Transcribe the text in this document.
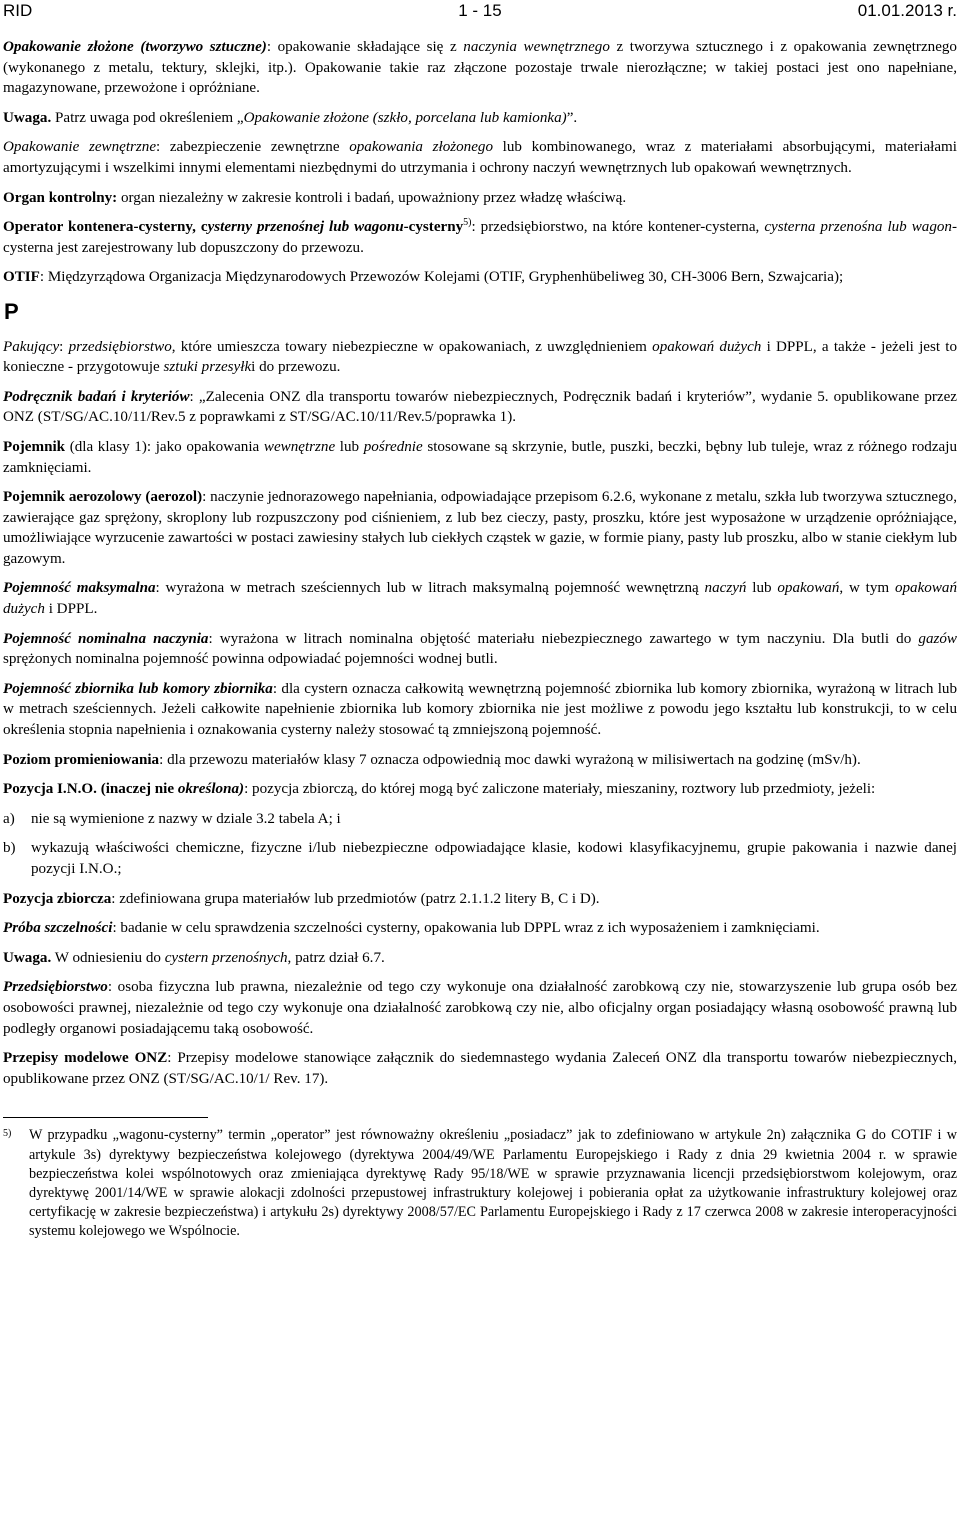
RID	1 - 15	01.01.2013 r.
Opakowanie złożone (tworzywo sztuczne): opakowanie składające się z naczynia wewnętrznego z tworzywa sztucznego i z opakowania zewnętrznego (wykonanego z metalu, tektury, sklejki, itp.). Opakowanie takie raz złączone pozostaje trwale nierozłączne; w takiej postaci jest ono napełniane, magazynowane, przewożone i opróżniane.
Uwaga. Patrz uwaga pod określeniem „Opakowanie złożone (szkło, porcelana lub kamionka)”.
Opakowanie zewnętrzne: zabezpieczenie zewnętrzne opakowania złożonego lub kombinowanego, wraz z materiałami absorbującymi, materiałami amortyzującymi i wszelkimi innymi elementami niezbędnymi do utrzymania i ochrony naczyń wewnętrznych lub opakowań wewnętrznych.
Organ kontrolny: organ niezależny w zakresie kontroli i badań, upoważniony przez władzę właściwą.
Operator kontenera-cysterny, cysterny przenośnej lub wagonu-cysterny$^{5)}$: przedsiębiorstwo, na które kontener-cysterna, cysterna przenośna lub wagon-cysterna jest zarejestrowany lub dopuszczony do przewozu.
OTIF: Międzyrządowa Organizacja Międzynarodowych Przewozów Kolejami (OTIF, Gryphenhübeliweg 30, CH-3006 Bern, Szwajcaria);
P
Pakujący: przedsiębiorstwo, które umieszcza towary niebezpieczne w opakowaniach, z uwzględnieniem opakowań dużych i DPPL, a także - jeżeli jest to konieczne - przygotowuje sztuki przesyłki do przewozu.
Podręcznik badań i kryteriów: „Zalecenia ONZ dla transportu towarów niebezpiecznych, Podręcznik badań i kryteriów”, wydanie 5. opublikowane przez ONZ (ST/SG/AC.10/11/Rev.5 z poprawkami z ST/SG/AC.10/11/Rev.5/poprawka 1).
Pojemnik (dla klasy 1): jako opakowania wewnętrzne lub pośrednie stosowane są skrzynie, butle, puszki, beczki, bębny lub tuleje, wraz z różnego rodzaju zamknięciami.
Pojemnik aerozolowy (aerozol): naczynie jednorazowego napełniania, odpowiadające przepisom 6.2.6, wykonane z metalu, szkła lub tworzywa sztucznego, zawierające gaz sprężony, skroplony lub rozpuszczony pod ciśnieniem, z lub bez cieczy, pasty, proszku, które jest wyposażone w urządzenie opróżniające, umożliwiające wyrzucenie zawartości w postaci zawiesiny stałych lub ciekłych cząstek w gazie, w formie piany, pasty lub proszku, albo w stanie ciekłym lub gazowym.
Pojemność maksymalna: wyrażona w metrach sześciennych lub w litrach maksymalną pojemność wewnętrzną naczyń lub opakowań, w tym opakowań dużych i DPPL.
Pojemność nominalna naczynia: wyrażona w litrach nominalna objętość materiału niebezpiecznego zawartego w tym naczyniu. Dla butli do gazów sprężonych nominalna pojemność powinna odpowiadać pojemności wodnej butli.
Pojemność zbiornika lub komory zbiornika: dla cystern oznacza całkowitą wewnętrzną pojemność zbiornika lub komory zbiornika, wyrażoną w litrach lub w metrach sześciennych. Jeżeli całkowite napełnienie zbiornika lub komory zbiornika nie jest możliwe z powodu jego kształtu lub konstrukcji, to w celu określenia stopnia napełnienia i oznakowania cysterny należy stosować tą zmniejszoną pojemność.
Poziom promieniowania: dla przewozu materiałów klasy 7 oznacza odpowiednią moc dawki wyrażoną w milisiwertach na godzinę (mSv/h).
Pozycja I.N.O. (inaczej nie określona): pozycja zbiorczą, do której mogą być zaliczone materiały, mieszaniny, roztwory lub przedmioty, jeżeli:
a)	nie są wymienione z nazwy w dziale 3.2 tabela A; i
b)	wykazują właściwości chemiczne, fizyczne i/lub niebezpieczne odpowiadające klasie, kodowi klasyfikacyjnemu, grupie pakowania i nazwie danej pozycji I.N.O.;
Pozycja zbiorcza: zdefiniowana grupa materiałów lub przedmiotów (patrz 2.1.1.2 litery B, C i D).
Próba szczelności: badanie w celu sprawdzenia szczelności cysterny, opakowania lub DPPL wraz z ich wyposażeniem i zamknięciami.
Uwaga. W odniesieniu do cystern przenośnych, patrz dział 6.7.
Przedsiębiorstwo: osoba fizyczna lub prawna, niezależnie od tego czy wykonuje ona działalność zarobkową czy nie, stowarzyszenie lub grupa osób bez osobowości prawnej, niezależnie od tego czy wykonuje ona działalność zarobkową czy nie, albo oficjalny organ posiadający własną osobowość prawną lub podległy organowi posiadającemu taką osobowość.
Przepisy modelowe ONZ: Przepisy modelowe stanowiące załącznik do siedemnastego wydania Zaleceń ONZ dla transportu towarów niebezpiecznych, opublikowane przez ONZ (ST/SG/AC.10/1/ Rev. 17).
5)	W przypadku „wagonu-cysterny” termin „operator” jest równoważny określeniu „posiadacz” jak to zdefiniowano w artykule 2n) załącznika G do COTIF i w artykule 3s) dyrektywy bezpieczeństwa kolejowego (dyrektywa 2004/49/WE Parlamentu Europejskiego i Rady z dnia 29 kwietnia 2004 r. w sprawie bezpieczeństwa kolei wspólnotowych oraz zmieniająca dyrektywę Rady 95/18/WE w sprawie przyznawania licencji przedsiębiorstwom kolejowym, oraz dyrektywę 2001/14/WE w sprawie alokacji zdolności przepustowej infrastruktury kolejowej i pobierania opłat za użytkowanie infrastruktury kolejowej oraz certyfikację w zakresie bezpieczeństwa) i artykułu 2s) dyrektywy 2008/57/EC Parlamentu Europejskiego i Rady z 17 czerwca 2008 w zakresie interoperacyjności systemu kolejowego we Wspólnocie.
